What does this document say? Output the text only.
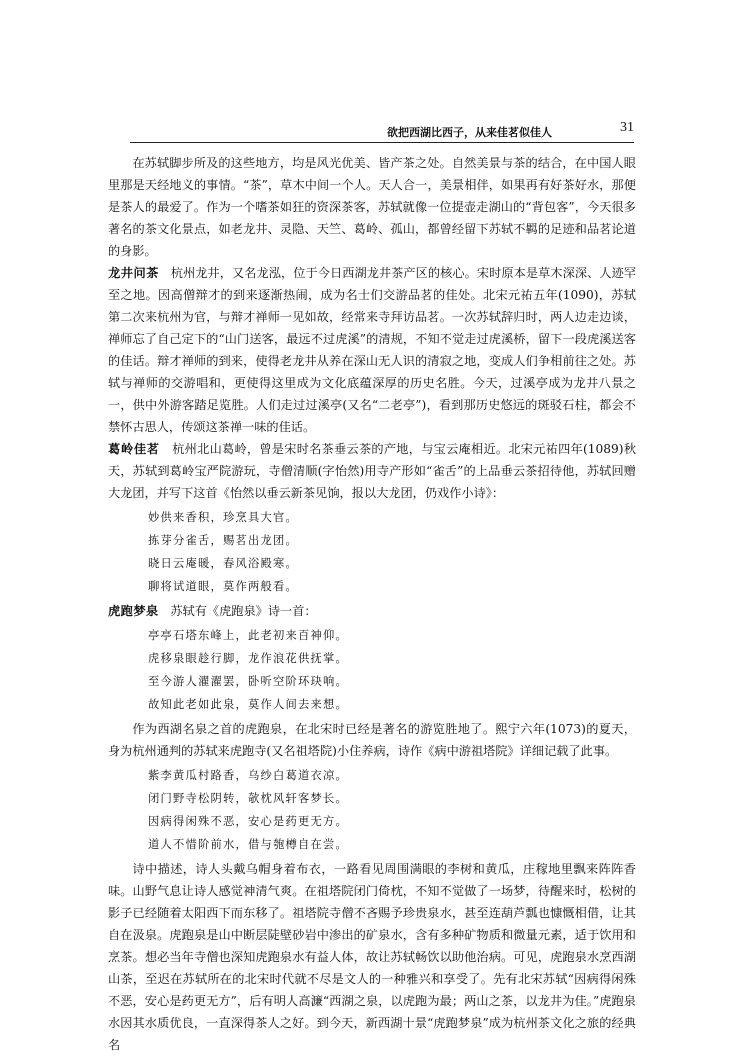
欲把西湖比西子，从来佳茗似佳人	31

在苏轼脚步所及的这些地方，均是风光优美、皆产茶之处。自然美景与茶的结合，在中国人眼里那是天经地义的事情。“茶”，草木中间一个人。天人合一，美景相伴，如果再有好茶好水，那便是茶人的最爱了。作为一个嗜茶如狂的资深茶客，苏轼就像一位提壶走湖山的“背包客”，今天很多著名的茶文化景点，如老龙井、灵隐、天竺、葛岭、孤山，都曾经留下苏轼不羁的足迹和品茗论道的身影。

龙井问茶 杭州龙井，又名龙泓，位于今日西湖龙井茶产区的核心。宋时原本是草木深深、人迹罕至之地。因高僧辩才的到来逐渐热闹，成为名士们交游品茗的佳处。北宋元祐五年(1090)，苏轼第二次来杭州为官，与辩才禅师一见如故，经常来寺拜访品茗。一次苏轼辞归时，两人边走边谈，禅师忘了自己定下的“山门送客，最远不过虎溪”的清规，不知不觉走过虎溪桥，留下一段虎溪送客的佳话。辩才禅师的到来，使得老龙井从养在深山无人识的清寂之地，变成人们争相前往之处。苏轼与禅师的交游唱和，更使得这里成为文化底蕴深厚的历史名胜。今天，过溪亭成为龙井八景之一，供中外游客踏足览胜。人们走过过溪亭(又名“二老亭”)，看到那历史悠远的斑驳石柱，都会不禁怀古思人，传颂这茶禅一味的佳话。

葛岭佳茗 杭州北山葛岭，曾是宋时名茶垂云茶的产地，与宝云庵相近。北宋元祐四年(1089)秋天，苏轼到葛岭宝严院游玩，寺僧清顺(字怡然)用寺产形如“雀舌”的上品垂云茶招待他，苏轼回赠大龙团，并写下这首《怡然以垂云新茶见饷，报以大龙团，仍戏作小诗》：

妙供来香积，珍烹具大官。
拣芽分雀舌，赐茗出龙团。
晓日云庵暖，春风浴殿寒。
聊将试道眼，莫作两般看。

虎跑梦泉 苏轼有《虎跑泉》诗一首：

亭亭石塔东峰上，此老初来百神仰。
虎移泉眼趁行脚，龙作浪花供抚掌。
至今游人濯濯罢，卧听空阶环玦响。
故知此老如此泉，莫作人间去来想。

作为西湖名泉之首的虎跑泉，在北宋时已经是著名的游览胜地了。熙宁六年(1073)的夏天，身为杭州通判的苏轼来虎跑寺(又名祖塔院)小住养病，诗作《病中游祖塔院》详细记载了此事。

紫李黄瓜村路香，乌纱白葛道衣凉。
闭门野寺松阴转，欹枕风轩客梦长。
因病得闲殊不恶，安心是药更无方。
道人不惜阶前水，借与匏樽自在尝。

诗中描述，诗人头戴乌帽身着布衣，一路看见周围满眼的李树和黄瓜，庄稼地里飘来阵阵香味。山野气息让诗人感觉神清气爽。在祖塔院闭门倚枕，不知不觉做了一场梦，待醒来时，松树的影子已经随着太阳西下而东移了。祖塔院寺僧不吝赐予珍贵泉水，甚至连葫芦瓢也慷慨相借，让其自在汲泉。虎跑泉是山中断层陡壁砂岩中渗出的矿泉水，含有多种矿物质和微量元素，适于饮用和烹茶。想必当年寺僧也深知虎跑泉水有益人体，故让苏轼畅饮以助他治病。可见，虎跑泉水烹西湖山茶，至迟在苏轼所在的北宋时代就不尽是文人的一种雅兴和享受了。先有北宋苏轼“因病得闲殊不恶，安心是药更无方”，后有明人高濂“西湖之泉，以虎跑为最；两山之茶，以龙井为佳。”虎跑泉水因其水质优良，一直深得茶人之好。到今天，新西湖十景“虎跑梦泉”成为杭州茶文化之旅的经典名
